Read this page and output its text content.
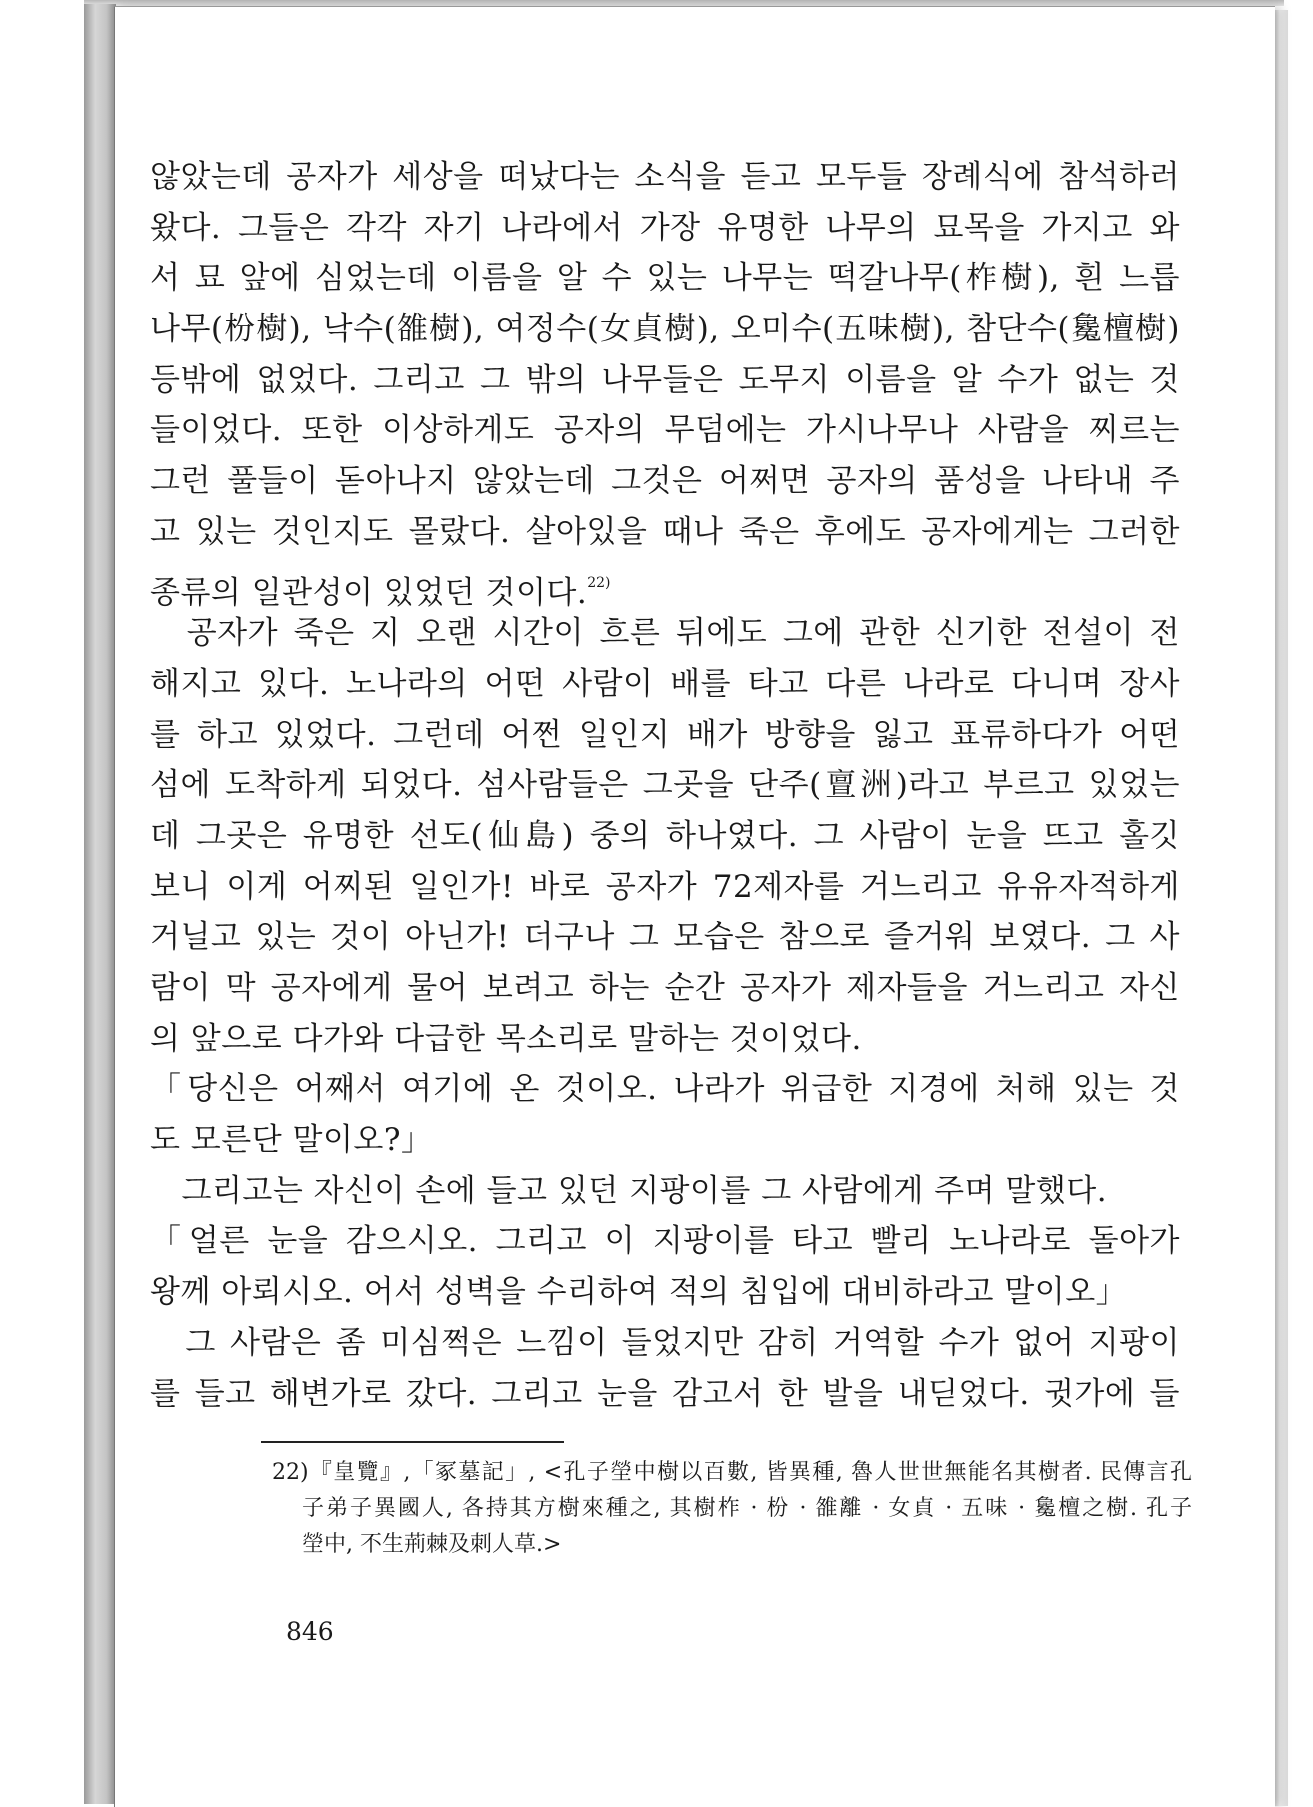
않았는데 공자가 세상을 떠났다는 소식을 듣고 모두들 장례식에 참석하러
왔다. 그들은 각각 자기 나라에서 가장 유명한 나무의 묘목을 가지고 와
서 묘 앞에 심었는데 이름을 알 수 있는 나무는 떡갈나무(柞樹), 흰 느릅
나무(枌樹), 낙수(雒樹), 여정수(女貞樹), 오미수(五味樹), 참단수(毚檀樹)
등밖에 없었다. 그리고 그 밖의 나무들은 도무지 이름을 알 수가 없는 것
들이었다. 또한 이상하게도 공자의 무덤에는 가시나무나 사람을 찌르는
그런 풀들이 돋아나지 않았는데 그것은 어쩌면 공자의 품성을 나타내 주
고 있는 것인지도 몰랐다. 살아있을 때나 죽은 후에도 공자에게는 그러한
종류의 일관성이 있었던 것이다.$^{22)}$
　공자가 죽은 지 오랜 시간이 흐른 뒤에도 그에 관한 신기한 전설이 전
해지고 있다. 노나라의 어떤 사람이 배를 타고 다른 나라로 다니며 장사
를 하고 있었다. 그런데 어쩐 일인지 배가 방향을 잃고 표류하다가 어떤
섬에 도착하게 되었다. 섬사람들은 그곳을 단주(亶洲)라고 부르고 있었는
데 그곳은 유명한 선도(仙島) 중의 하나였다. 그 사람이 눈을 뜨고 홀깃
보니 이게 어찌된 일인가! 바로 공자가 72제자를 거느리고 유유자적하게
거닐고 있는 것이 아닌가! 더구나 그 모습은 참으로 즐거워 보였다. 그 사
람이 막 공자에게 물어 보려고 하는 순간 공자가 제자들을 거느리고 자신
의 앞으로 다가와 다급한 목소리로 말하는 것이었다.
「당신은 어째서 여기에 온 것이오. 나라가 위급한 지경에 처해 있는 것
도 모른단 말이오?」
　그리고는 자신이 손에 들고 있던 지팡이를 그 사람에게 주며 말했다.
「얼른 눈을 감으시오. 그리고 이 지팡이를 타고 빨리 노나라로 돌아가
왕께 아뢰시오. 어서 성벽을 수리하여 적의 침입에 대비하라고 말이오」
　그 사람은 좀 미심쩍은 느낌이 들었지만 감히 거역할 수가 없어 지팡이
를 들고 해변가로 갔다. 그리고 눈을 감고서 한 발을 내딛었다. 귓가에 들
22)『皇覽』,「冢墓記」, <孔子塋中樹以百數, 皆異種, 魯人世世無能名其樹者. 民傳言孔
子弟子異國人, 各持其方樹來種之, 其樹柞 · 枌 · 雒離 · 女貞 · 五味 · 毚檀之樹. 孔子
塋中, 不生荊棘及刺人草.>
846
